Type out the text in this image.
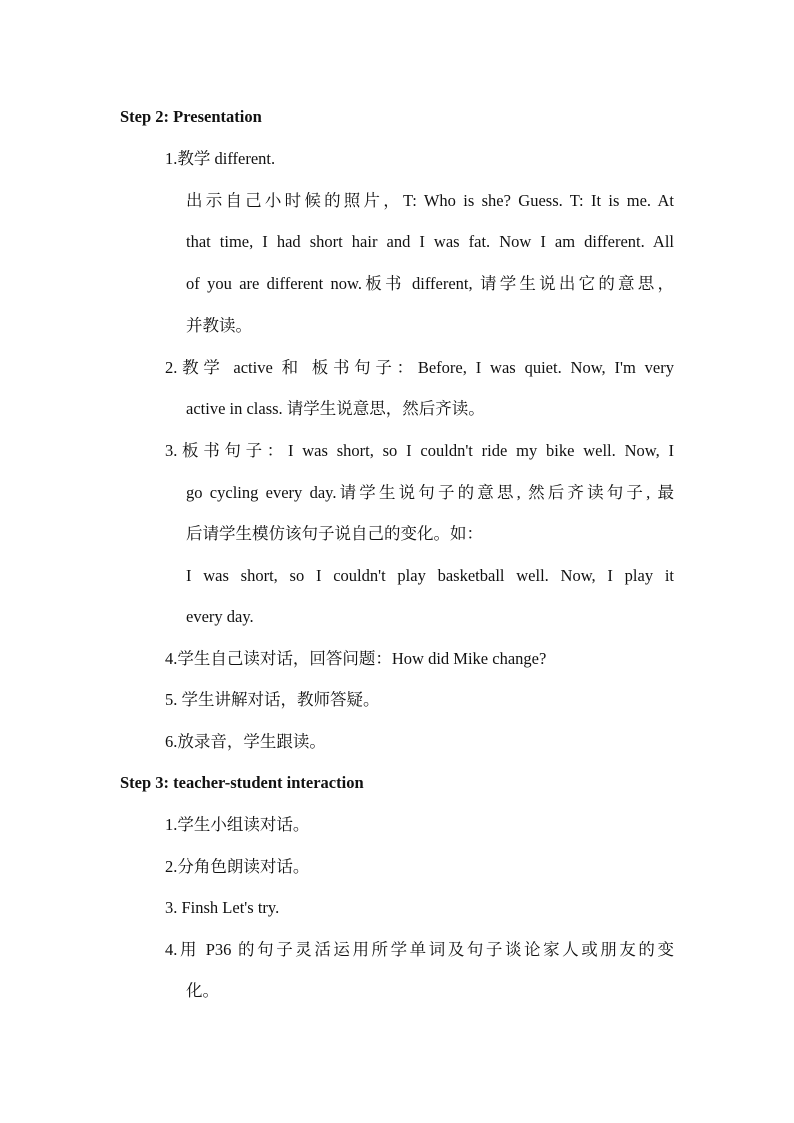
Step 2: Presentation
1.教学 different.
出示自己小时候的照片，T: Who is she? Guess. T: It is me. At
that time, I had short hair and I was fat. Now I am different. All
of you are different now.板书 different, 请学生说出它的意思，
并教读。
2.教学 active 和 板书句子：Before, I was quiet. Now, I'm very
active in class. 请学生说意思，然后齐读。
3.板书句子：I was short, so I couldn't ride my bike well. Now, I
go cycling every day.请学生说句子的意思, 然后齐读句子, 最
后请学生模仿该句子说自己的变化。如：
I was short, so I couldn't play basketball well. Now, I play it
every day.
4.学生自己读对话，回答问题：How did Mike change?
5. 学生讲解对话，教师答疑。
6.放录音，学生跟读。
Step 3: teacher-student interaction
1.学生小组读对话。
2.分角色朗读对话。
3. Finsh Let's try.
4.用 P36 的句子灵活运用所学单词及句子谈论家人或朋友的变
化。
